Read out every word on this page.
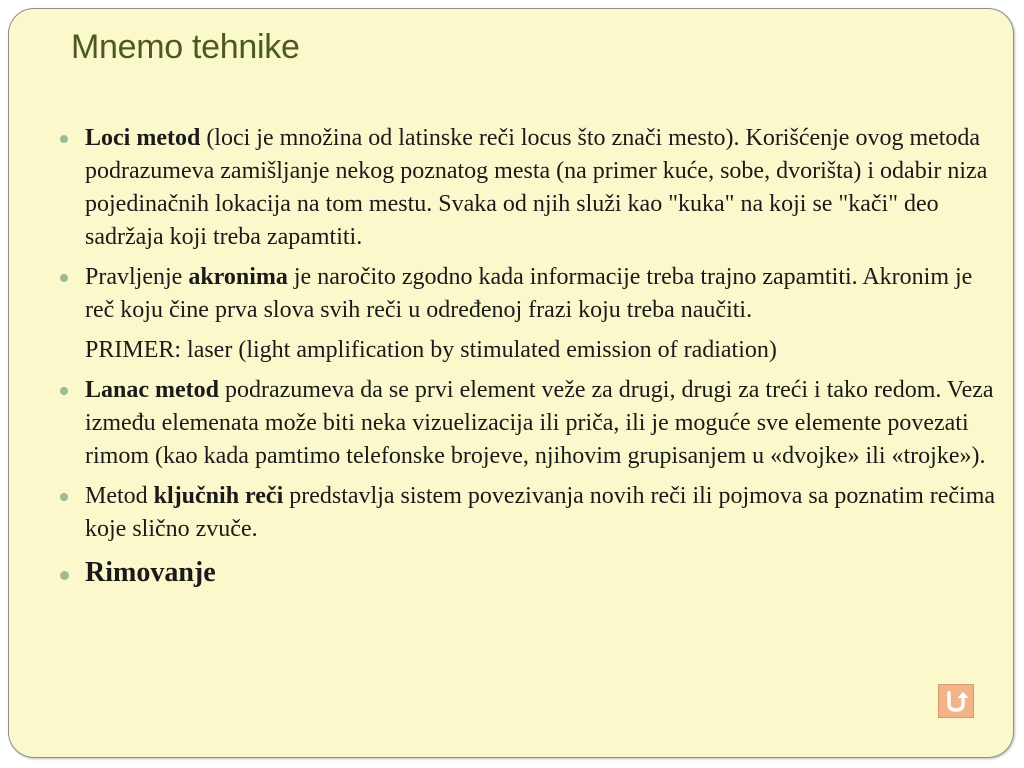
Mnemo tehnike
Loci metod (loci je množina od latinske reči locus što znači mesto). Korišćenje ovog metoda podrazumeva zamišljanje nekog poznatog mesta (na primer kuće, sobe, dvorišta) i odabir niza pojedinačnih lokacija na tom mestu. Svaka od njih služi kao "kuka" na koji se "kači" deo sadržaja koji treba zapamtiti.
Pravljenje akronima je naročito zgodno kada informacije treba trajno zapamtiti. Akronim je reč koju čine prva slova svih reči u određenoj frazi koju treba naučiti.
PRIMER: laser (light amplification by stimulated emission of radiation)
Lanac metod podrazumeva da se prvi element veže za drugi, drugi za treći i tako redom. Veza između elemenata može biti neka vizuelizacija ili priča, ili je moguće sve elemente povezati rimom (kao kada pamtimo telefonske brojeve, njihovim grupisanjem u «dvojke» ili «trojke»).
Metod ključnih reči predstavlja sistem povezivanja novih reči ili pojmova sa poznatim rečima koje slično zvuče.
Rimovanje
